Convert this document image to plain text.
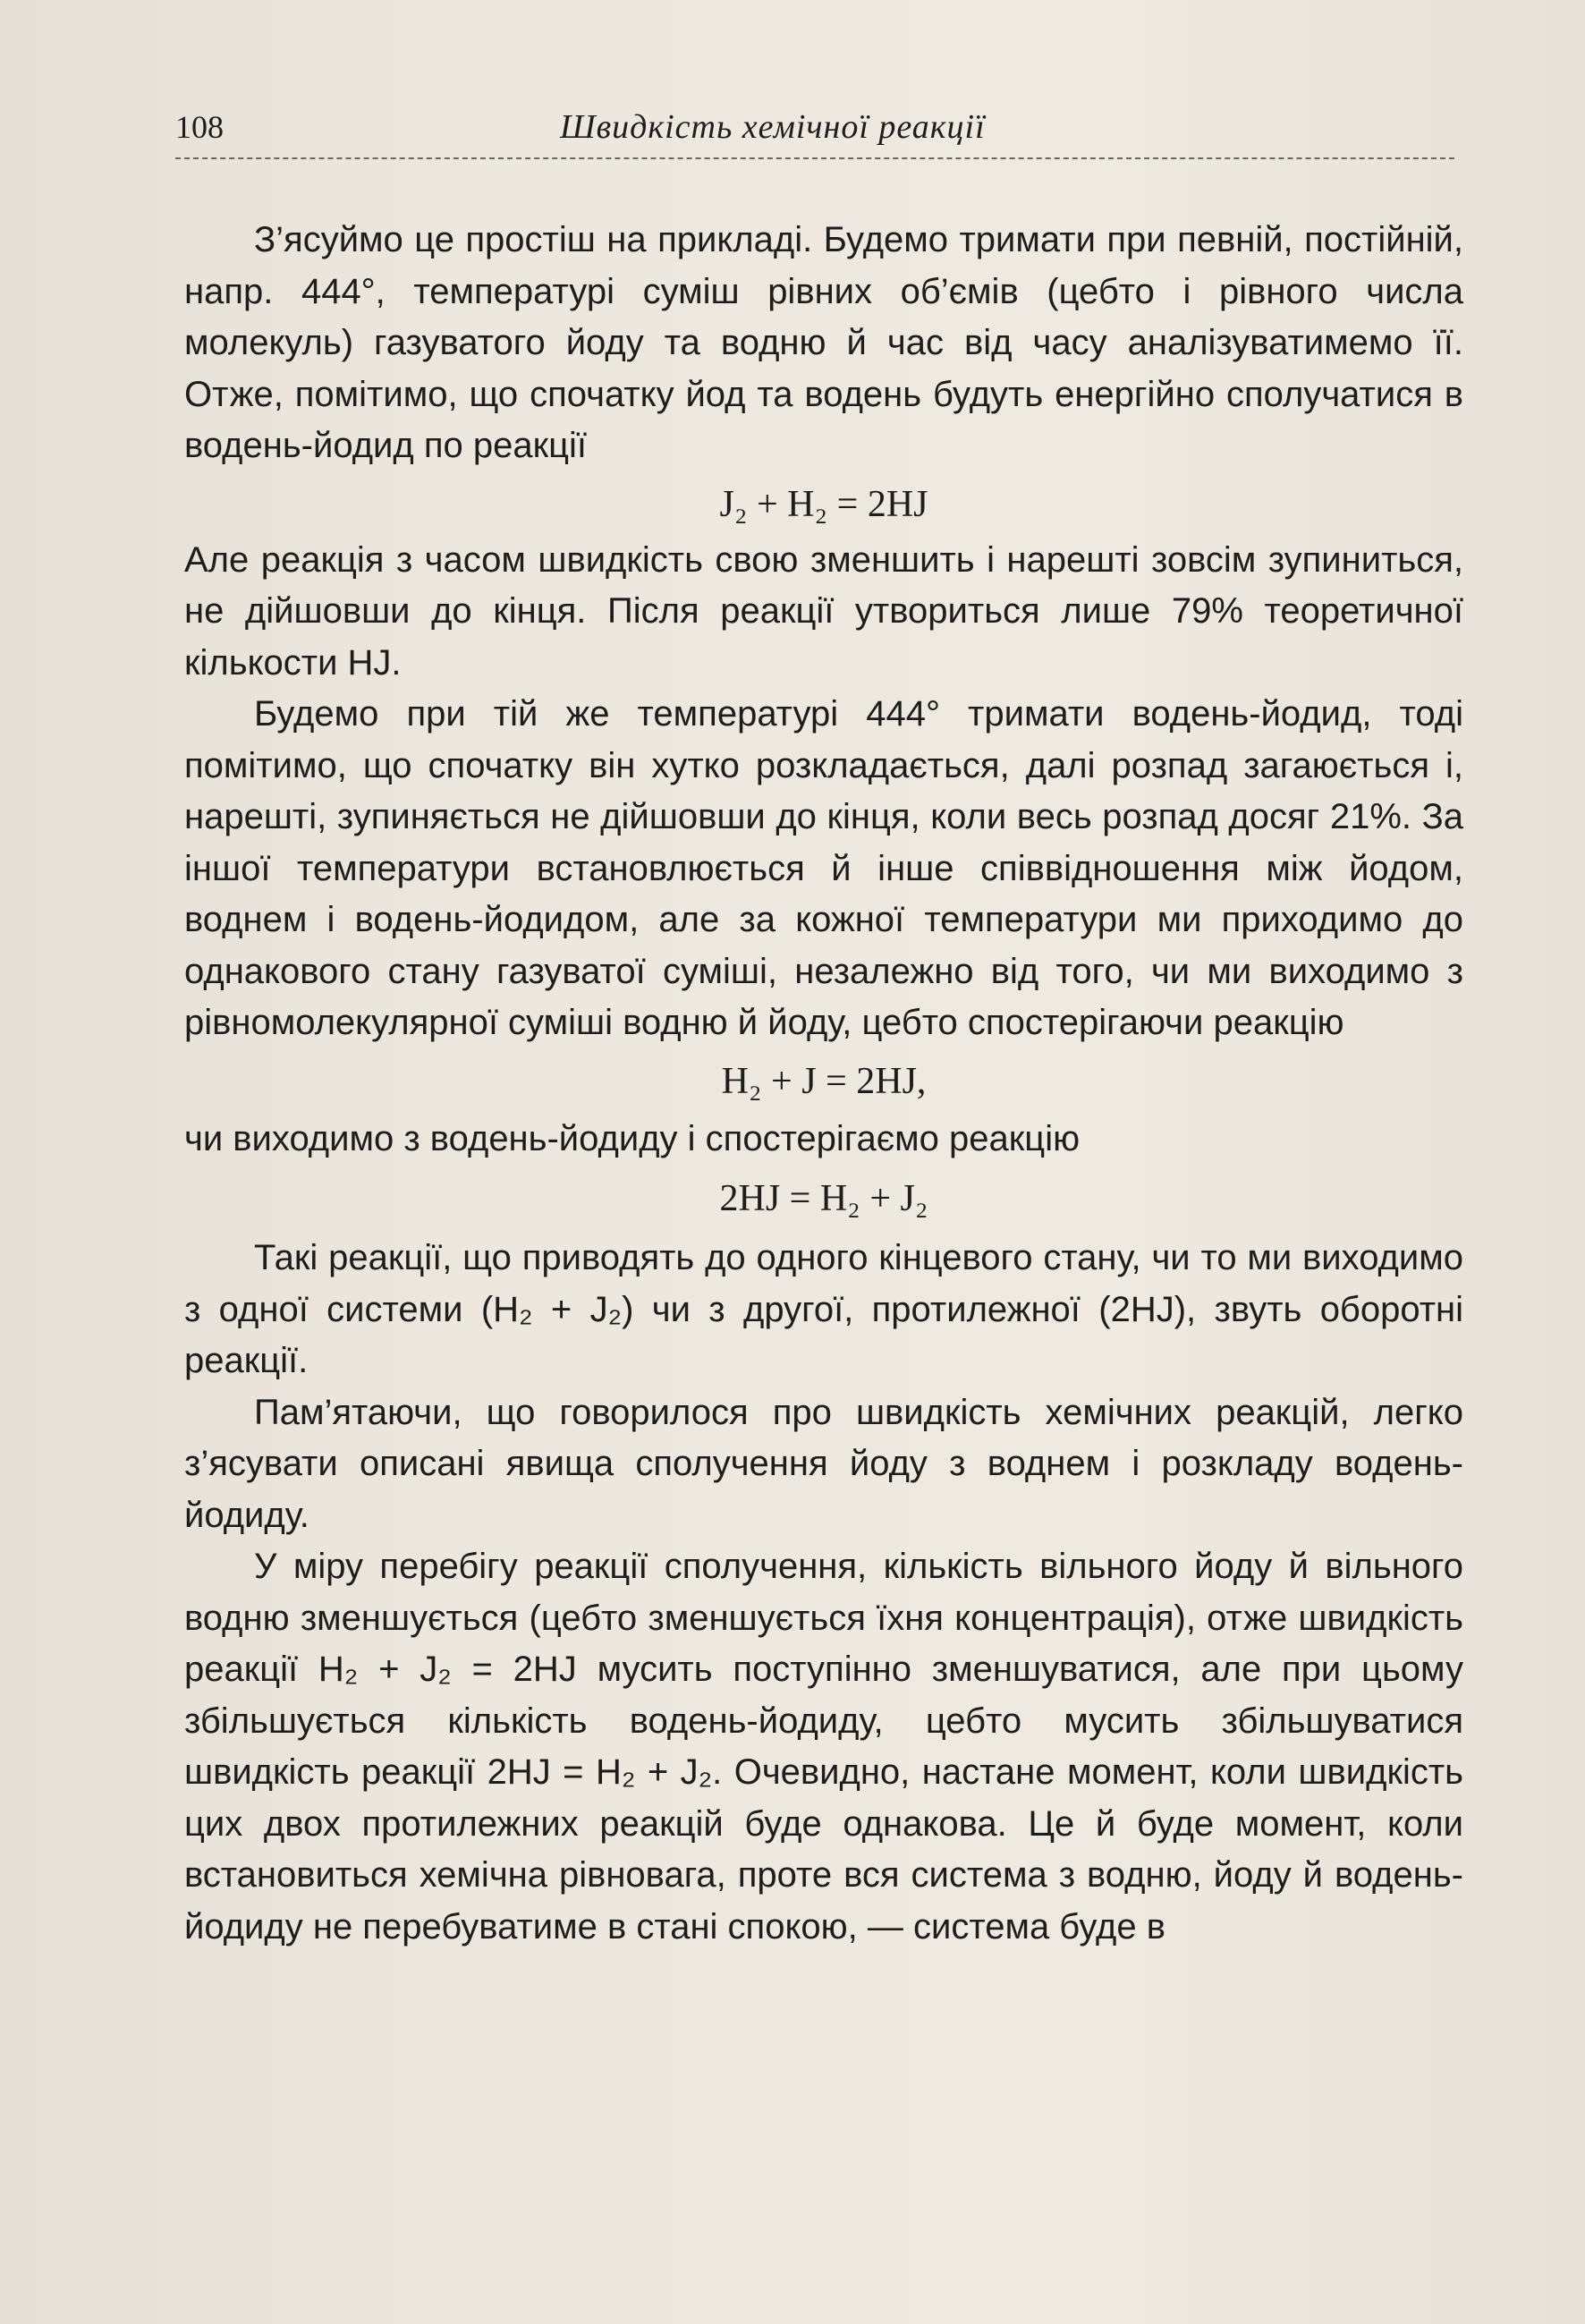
108	Швидкість хемічної реакції

З’ясуймо це простіш на прикладі. Будемо тримати при певній, постійній, напр. 444°, температурі суміш рівних об’ємів (цебто і рівного числа молекуль) газуватого йоду та водню й час від часу аналізуватимемо її. Отже, помітимо, що спочатку йод та водень будуть енергійно сполучатися в водень-йодид по реакції

J₂ + H₂ = 2HJ

Але реакція з часом швидкість свою зменшить і нарешті зовсім зупиниться, не дійшовши до кінця. Після реакції утвориться лише 79% теоретичної кількости HJ.

Будемо при тій же температурі 444° тримати водень-йодид, тоді помітимо, що спочатку він хутко розкладається, далі розпад загаюється і, нарешті, зупиняється не дійшовши до кінця, коли весь розпад досяг 21%. За іншої температури встановлюється й інше співвідношення між йодом, воднем і водень-йодидом, але за кожної температури ми приходимо до однакового стану газуватої суміші, незалежно від того, чи ми виходимо з рівномолекулярної суміші водню й йоду, цебто спостерігаючи реакцію

H₂ + J = 2HJ,

чи виходимо з водень-йодиду і спостерігаємо реакцію

2HJ = H₂ + J₂

Такі реакції, що приводять до одного кінцевого стану, чи то ми виходимо з одної системи (H₂ + J₂) чи з другої, протилежної (2HJ), звуть оборотні реакції.

Пам’ятаючи, що говорилося про швидкість хемічних реакцій, легко з’ясувати описані явища сполучення йоду з воднем і розкладу водень-йодиду.

У міру перебігу реакції сполучення, кількість вільного йоду й вільного водню зменшується (цебто зменшується їхня концентрація), отже швидкість реакції H₂ + J₂ = 2HJ мусить поступінно зменшуватися, але при цьому збільшується кількість водень-йодиду, цебто мусить збільшуватися швидкість реакції 2HJ = H₂ + J₂. Очевидно, настане момент, коли швидкість цих двох протилежних реакцій буде однакова. Це й буде момент, коли встановиться хемічна рівновага, проте вся система з водню, йоду й водень-йодиду не перебуватиме в стані спокою, — система буде в
